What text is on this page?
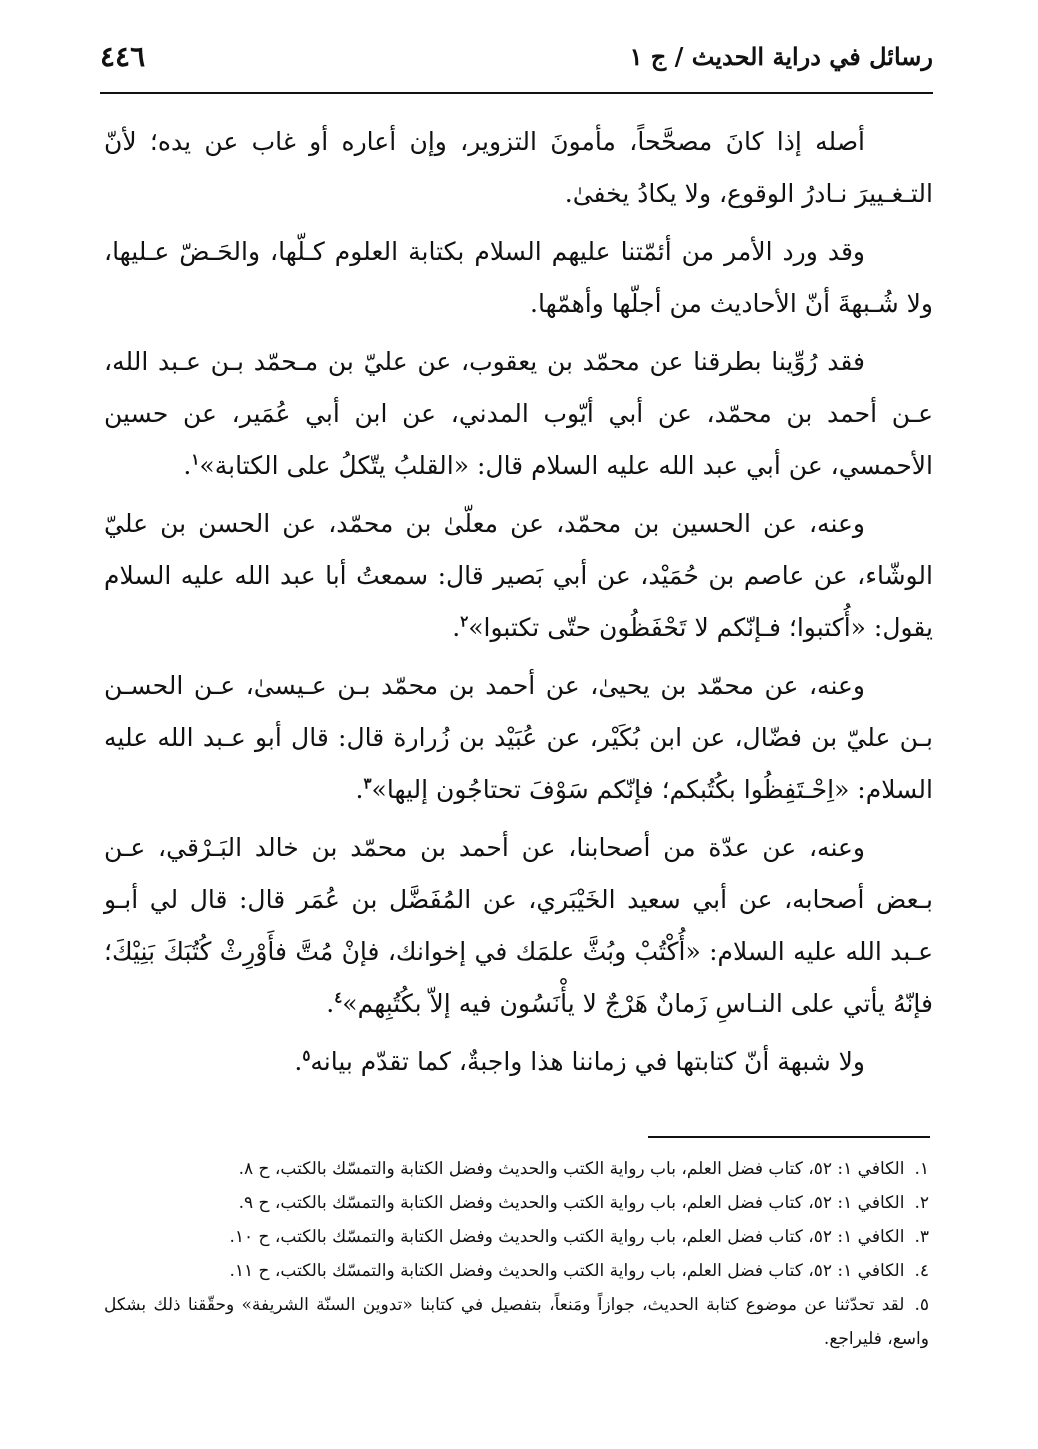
رسائل في دراية الحديث / ج ١
٤٤٦

أصله إذا كانَ مصحَّحاً، مأمونَ التزوير، وإن أعاره أو غاب عن يده؛ لأنّ التـغـييرَ نـادرُ الوقوع، ولا يكادُ يخفىٰ.

وقد ورد الأمر من أئمّتنا عليهم السلام بكتابة العلوم كـلّها، والحَـضّ عـليها، ولا شُـبهةَ أنّ الأحاديث من أجلّها وأهمّها.

فقد رُوِّينا بطرقنا عن محمّد بن يعقوب، عن عليّ بن مـحمّد بـن عـبد الله، عـن أحمد بن محمّد، عن أبي أيّوب المدني، عن ابن أبي عُمَير، عن حسين الأحمسي، عن أبي عبد الله عليه السلام قال: «القلبُ يتّكلُ على الكتابة»$^١$.

وعنه، عن الحسين بن محمّد، عن معلّىٰ بن محمّد، عن الحسن بن عليّ الوشّاء، عن عاصم بن حُمَيْد، عن أبي بَصير قال: سمعتُ أبا عبد الله عليه السلام يقول: «أُكتبوا؛ فـإنّكم لا تَحْفَظُون حتّى تكتبوا»$^٢$.

وعنه، عن محمّد بن يحيىٰ، عن أحمد بن محمّد بـن عـيسىٰ، عـن الحسـن بـن عليّ بن فضّال، عن ابن بُكَيْر، عن عُبَيْد بن زُرارة قال: قال أبو عـبد الله عليه السلام: «اِحْـتَفِظُوا بكُتُبكم؛ فإنّكم سَوْفَ تحتاجُون إليها»$^٣$.

وعنه، عن عدّة من أصحابنا، عن أحمد بن محمّد بن خالد البَـرْقي، عـن بـعض أصحابه، عن أبي سعيد الخَيْبَري، عن المُفَضَّل بن عُمَر قال: قال لي أبـو عـبد الله عليه السلام: «أُكْتُبْ وبُثَّ علمَك في إخوانك، فإنْ مُتَّ فأَوْرِثْ كُتُبَكَ بَنِيْكَ؛ فإنّهُ يأتي على النـاسِ زَمانٌ هَرْجٌ لا يأْنَسُون فيه إلاّ بكُتُبِهم»$^٤$.

ولا شبهة أنّ كتابتها في زماننا هذا واجبةٌ، كما تقدّم بيانه$^٥$.

١.الكافي ١: ٥٢، كتاب فضل العلم، باب رواية الكتب والحديث وفضل الكتابة والتمسّك بالكتب، ح ٨.

٢.الكافي ١: ٥٢، كتاب فضل العلم، باب رواية الكتب والحديث وفضل الكتابة والتمسّك بالكتب، ح ٩.

٣.الكافي ١: ٥٢، كتاب فضل العلم، باب رواية الكتب والحديث وفضل الكتابة والتمسّك بالكتب، ح ١٠.

٤.الكافي ١: ٥٢، كتاب فضل العلم، باب رواية الكتب والحديث وفضل الكتابة والتمسّك بالكتب، ح ١١.

٥.لقد تحدّثنا عن موضوع كتابة الحديث، جوازاً ومَنعاً، بتفصيل في كتابنا «تدوين السنّة الشريفة» وحقّقنا ذلك بشكل واسع، فليراجع.
